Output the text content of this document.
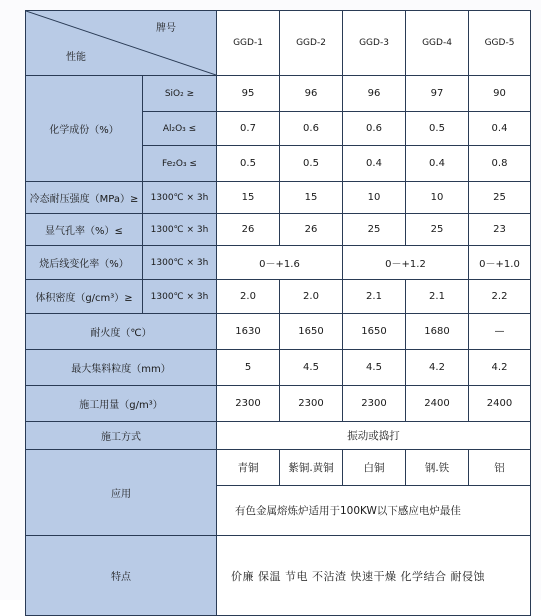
牌号
性能		GGD-1	GGD-2	GGD-3	GGD-4	GGD-5
化学成份（%）	SiO₂ ≥	95	96	96	97	90
	Al₂O₃ ≤	0.7	0.6	0.6	0.5	0.4
	Fe₂O₃ ≤	0.5	0.5	0.4	0.4	0.8
冷态耐压强度（MPa）≥	1300℃ × 3h	15	15	10	10	25
显气孔率（%）≤	1300℃ × 3h	26	26	25	25	23
烧后线变化率（%）	1300℃ × 3h	0－+1.6		0－+1.2		0－+1.0
体积密度（g/cm³）≥	1300℃ × 3h	2.0	2.0	2.1	2.1	2.2
耐火度（℃）		1630	1650	1650	1680	—
最大集料粒度（mm）		5	4.5	4.5	4.2	4.2
施工用量（g/m³）		2300	2300	2300	2400	2400
施工方式		振动或捣打				
应用		青铜	紫铜.黄铜	白铜	钢.铁	铝
		有色金属熔炼炉适用于100KW以下感应电炉最佳				
特点		价廉 保温 节电 不沾渣 快速干燥 化学结合 耐侵蚀				
